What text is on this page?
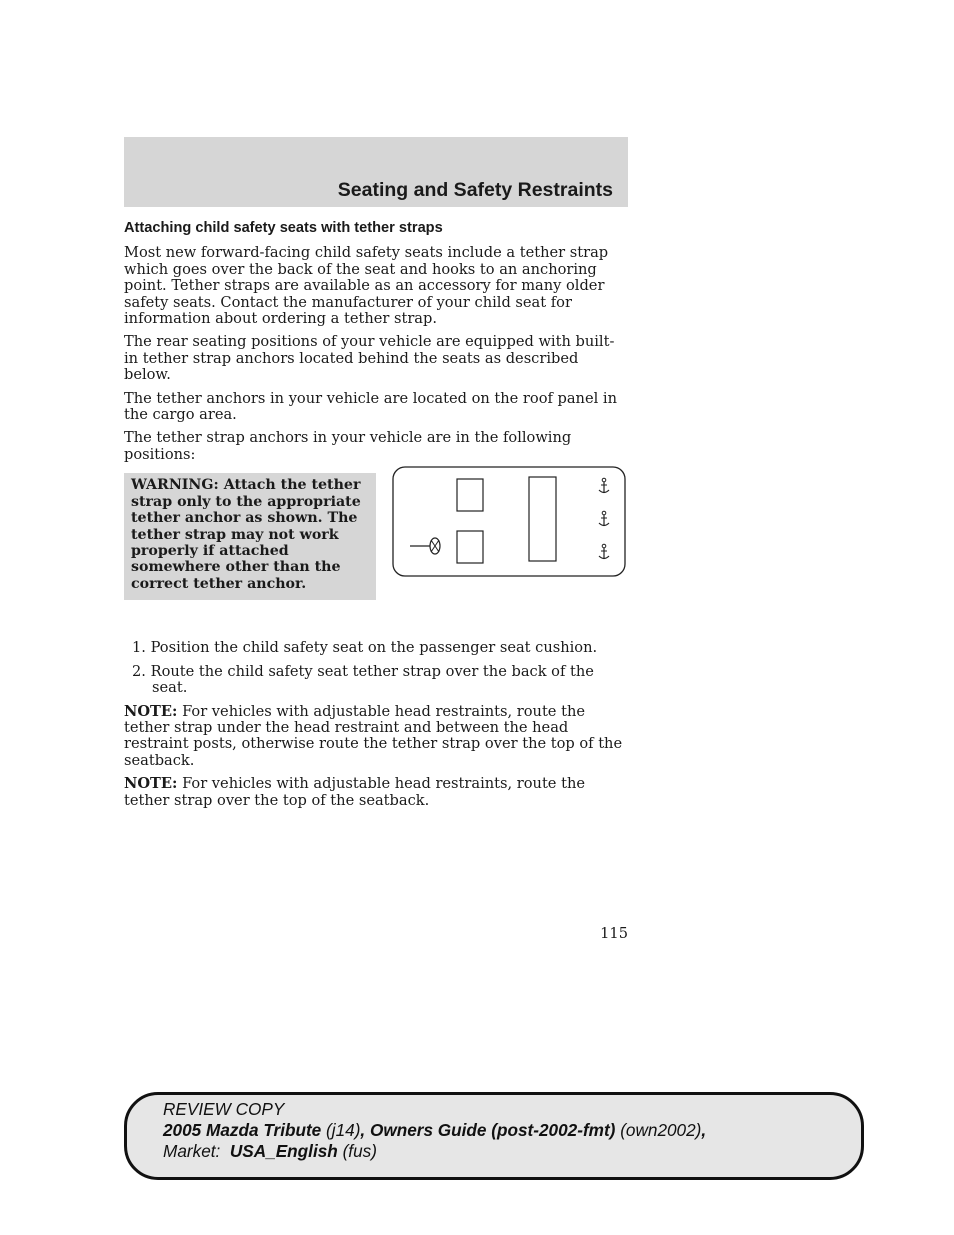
Seating and Safety Restraints
Attaching child safety seats with tether straps

Most new forward-facing child safety seats include a tether strap which goes over the back of the seat and hooks to an anchoring point. Tether straps are available as an accessory for many older safety seats. Contact the manufacturer of your child seat for information about ordering a tether strap.

The rear seating positions of your vehicle are equipped with built-in tether strap anchors located behind the seats as described below.

The tether anchors in your vehicle are located on the roof panel in the cargo area.

The tether strap anchors in your vehicle are in the following positions:

WARNING: Attach the tether strap only to the appropriate tether anchor as shown. The tether strap may not work properly if attached somewhere other than the correct tether anchor.

1. Position the child safety seat on the passenger seat cushion.

2. Route the child safety seat tether strap over the back of the seat.

NOTE: For vehicles with adjustable head restraints, route the tether strap under the head restraint and between the head restraint posts, otherwise route the tether strap over the top of the seatback.

NOTE: For vehicles with adjustable head restraints, route the tether strap over the top of the seatback.

115
REVIEW COPY
2005 Mazda Tribute (j14), Owners Guide (post-2002-fmt) (own2002),
Market: USA_English (fus)
